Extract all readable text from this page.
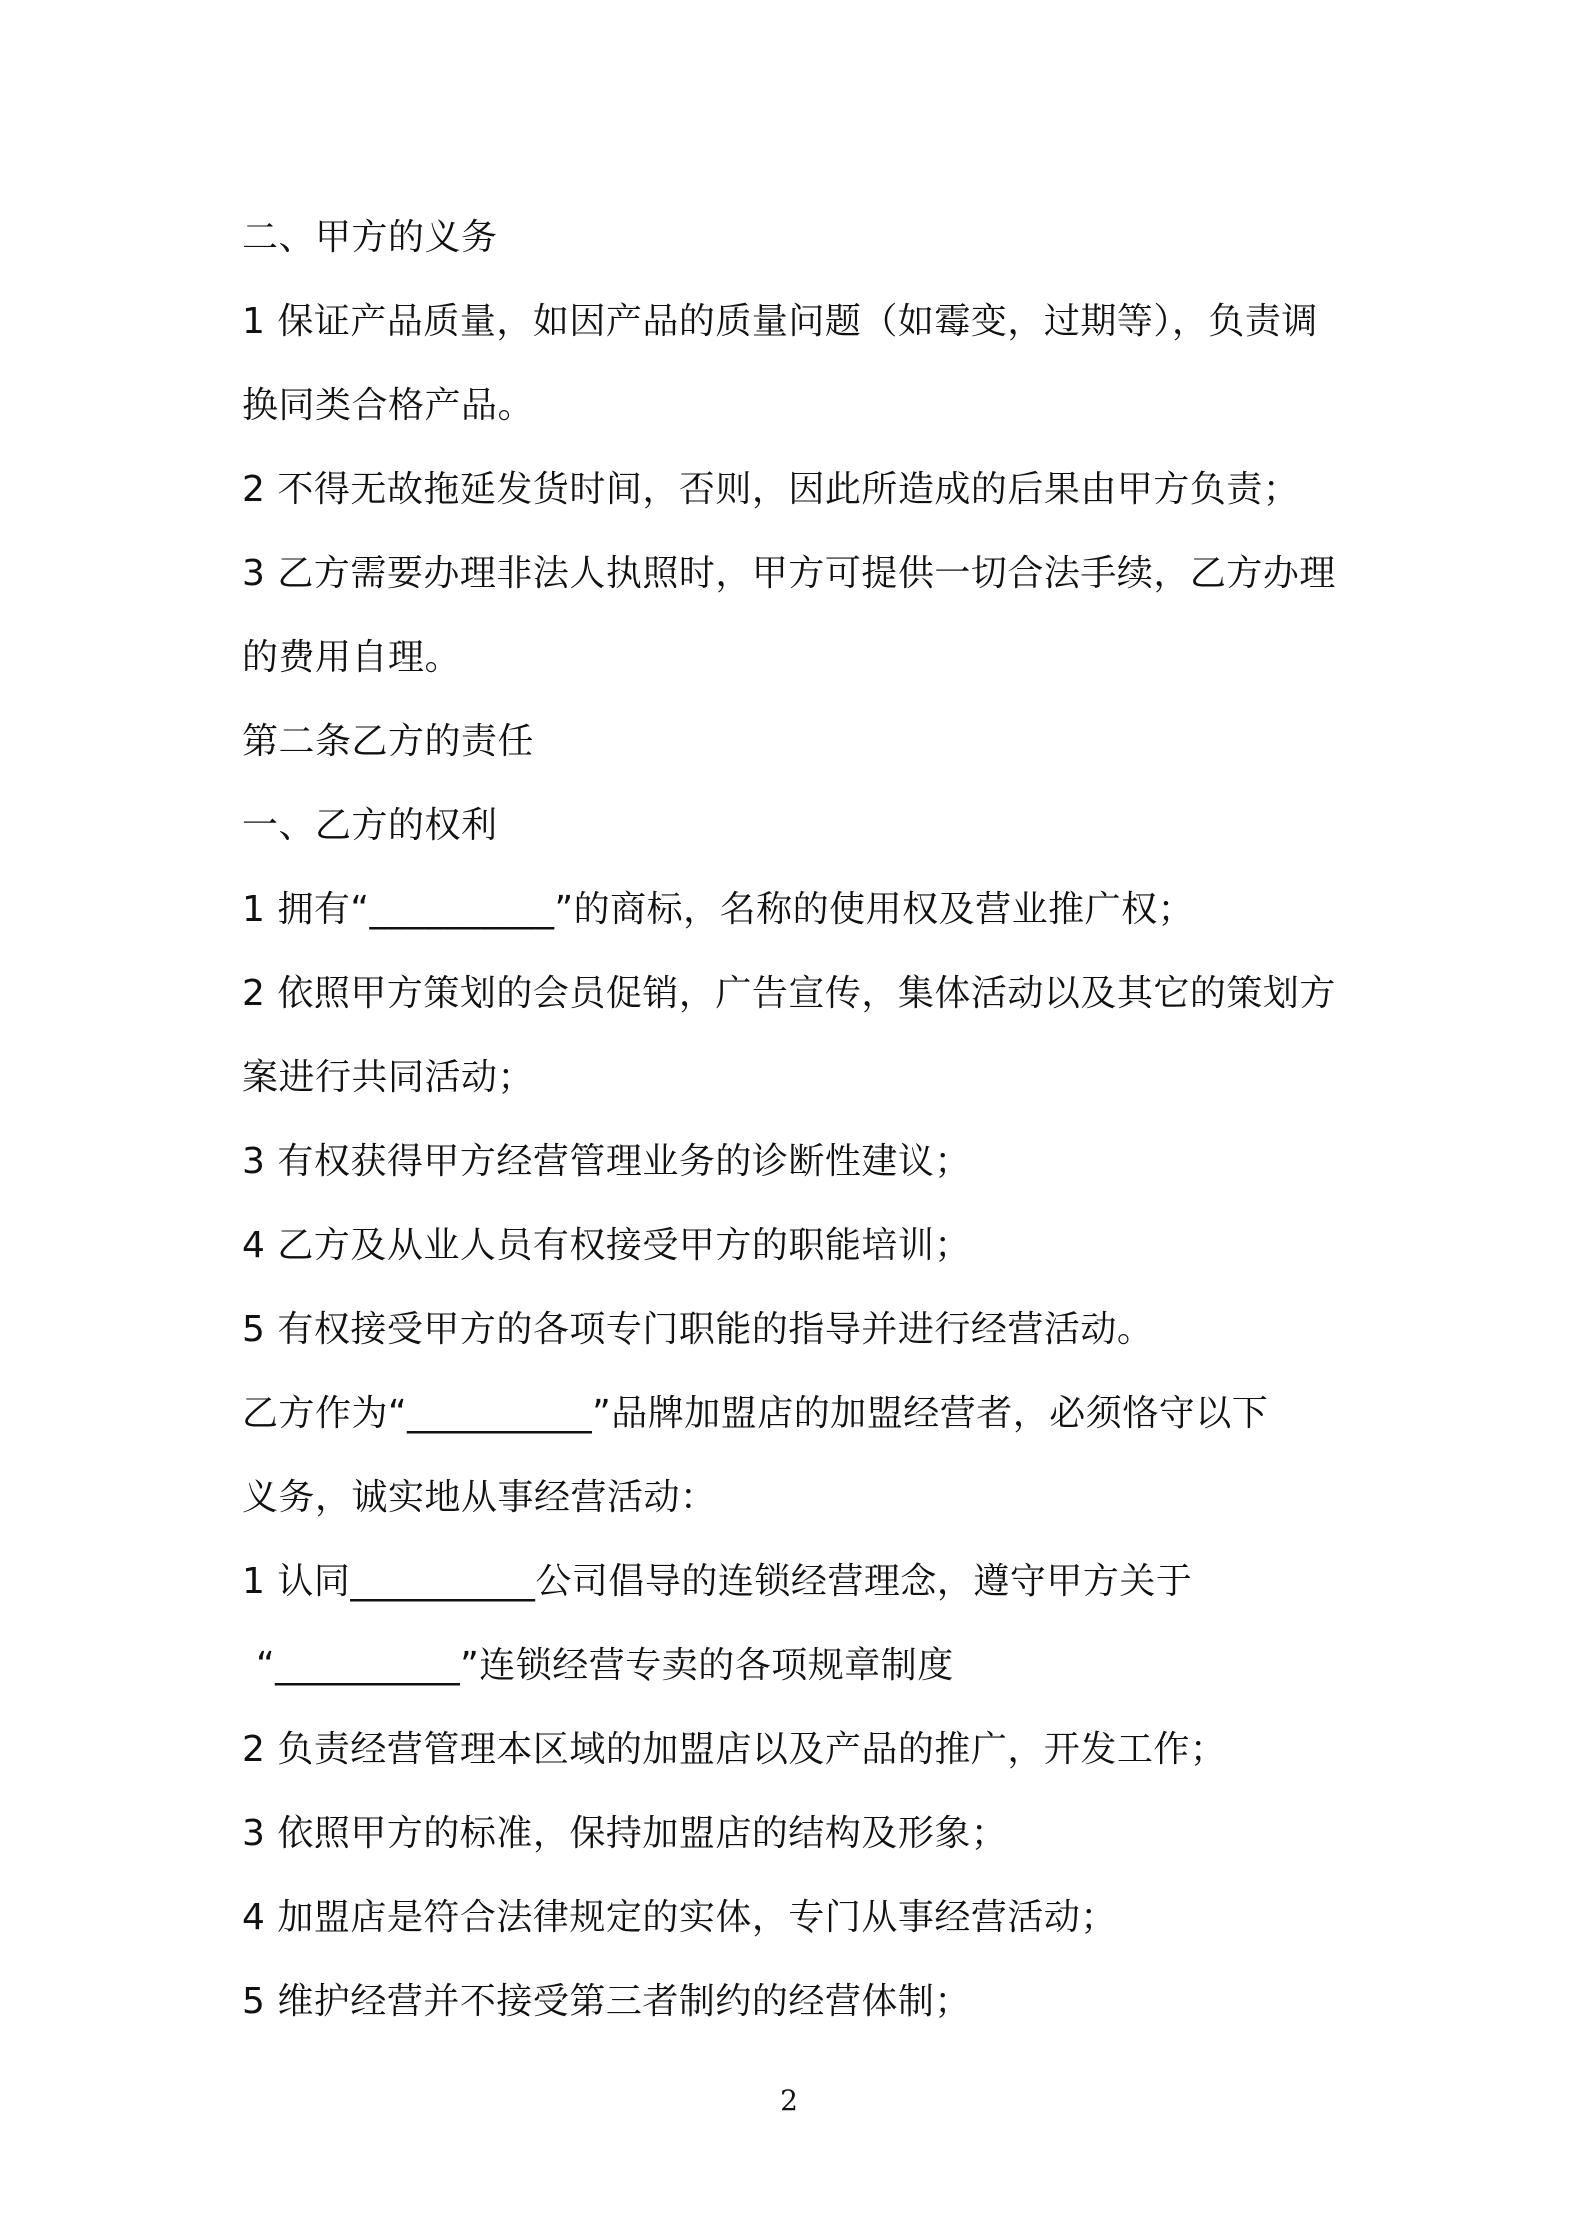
二、甲方的义务
1 保证产品质量，如因产品的质量问题（如霉变，过期等），负责调
换同类合格产品。
2 不得无故拖延发货时间，否则，因此所造成的后果由甲方负责；
3 乙方需要办理非法人执照时，甲方可提供一切合法手续，乙方办理
的费用自理。
第二条乙方的责任
一、乙方的权利
1 拥有“__________”的商标，名称的使用权及营业推广权；
2 依照甲方策划的会员促销，广告宣传，集体活动以及其它的策划方
案进行共同活动；
3 有权获得甲方经营管理业务的诊断性建议；
4 乙方及从业人员有权接受甲方的职能培训；
5 有权接受甲方的各项专门职能的指导并进行经营活动。
乙方作为“__________”品牌加盟店的加盟经营者，必须恪守以下
义务，诚实地从事经营活动：
1 认同__________公司倡导的连锁经营理念，遵守甲方关于
“__________”连锁经营专卖的各项规章制度
2 负责经营管理本区域的加盟店以及产品的推广，开发工作；
3 依照甲方的标准，保持加盟店的结构及形象；
4 加盟店是符合法律规定的实体，专门从事经营活动；
5 维护经营并不接受第三者制约的经营体制；
2
